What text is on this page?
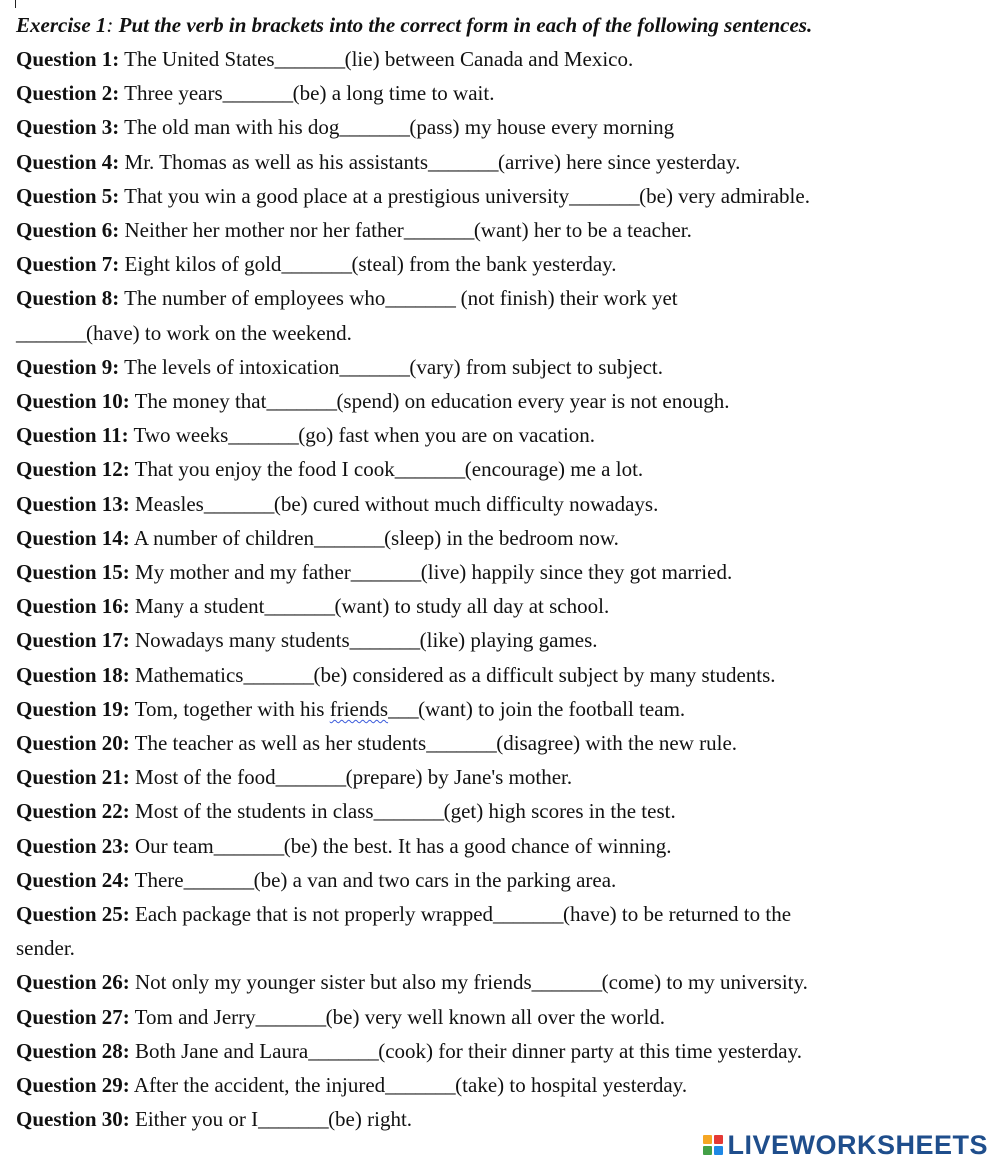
Exercise 1: Put the verb in brackets into the correct form in each of the following sentences.
Question 1: The United States_______(lie) between Canada and Mexico.
Question 2: Three years_______(be) a long time to wait.
Question 3: The old man with his dog_______(pass) my house every morning
Question 4: Mr. Thomas as well as his assistants_______(arrive) here since yesterday.
Question 5: That you win a good place at a prestigious university_______(be) very admirable.
Question 6: Neither her mother nor her father_______(want) her to be a teacher.
Question 7: Eight kilos of gold_______(steal) from the bank yesterday.
Question 8: The number of employees who_______ (not finish) their work yet
_______(have) to work on the weekend.
Question 9: The levels of intoxication_______(vary) from subject to subject.
Question 10: The money that_______(spend) on education every year is not enough.
Question 11: Two weeks_______(go) fast when you are on vacation.
Question 12: That you enjoy the food I cook_______(encourage) me a lot.
Question 13: Measles_______(be) cured without much difficulty nowadays.
Question 14: A number of children_______(sleep) in the bedroom now.
Question 15: My mother and my father_______(live) happily since they got married.
Question 16: Many a student_______(want) to study all day at school.
Question 17: Nowadays many students_______(like) playing games.
Question 18: Mathematics_______(be) considered as a difficult subject by many students.
Question 19: Tom, together with his friends___(want) to join the football team.
Question 20: The teacher as well as her students_______(disagree) with the new rule.
Question 21: Most of the food_______(prepare) by Jane's mother.
Question 22: Most of the students in class_______(get) high scores in the test.
Question 23: Our team_______(be) the best. It has a good chance of winning.
Question 24: There_______(be) a van and two cars in the parking area.
Question 25: Each package that is not properly wrapped_______(have) to be returned to the
sender.
Question 26: Not only my younger sister but also my friends_______(come) to my university.
Question 27: Tom and Jerry_______(be) very well known all over the world.
Question 28: Both Jane and Laura_______(cook) for their dinner party at this time yesterday.
Question 29: After the accident, the injured_______(take) to hospital yesterday.
Question 30: Either you or I_______(be) right.
LIVEWORKSHEETS
